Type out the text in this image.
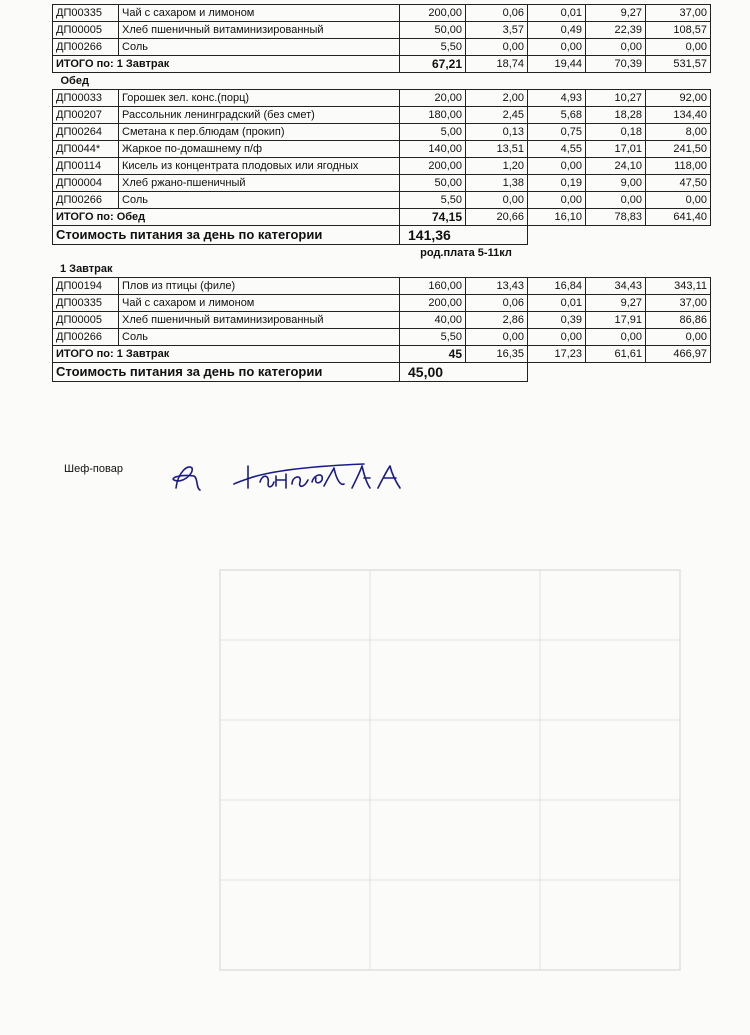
ДП00335	Чай с сахаром и лимоном	200,00	0,06	0,01	9,27	37,00
ДП00005	Хлеб пшеничный витаминизированный	50,00	3,57	0,49	22,39	108,57
ДП00266	Соль	5,50	0,00	0,00	0,00	0,00
ИТОГО по: 1 Завтрак		67,21	18,74	19,44	70,39	531,57
Обед						
ДП00033	Горошек зел. конс.(порц)	20,00	2,00	4,93	10,27	92,00
ДП00207	Рассольник ленинградский (без смет)	180,00	2,45	5,68	18,28	134,40
ДП00264	Сметана к пер.блюдам (прокип)	5,00	0,13	0,75	0,18	8,00
ДП0044*	Жаркое по-домашнему п/ф	140,00	13,51	4,55	17,01	241,50
ДП00114	Кисель из концентрата плодовых или ягодных	200,00	1,20	0,00	24,10	118,00
ДП00004	Хлеб ржано-пшеничный	50,00	1,38	0,19	9,00	47,50
ДП00266	Соль	5,50	0,00	0,00	0,00	0,00
ИТОГО по: Обед		74,15	20,66	16,10	78,83	641,40
Стоимость питания за день по категории		141,36				
род.плата 5-11кл
1 Завтрак
ДП00194	Плов из птицы (филе)	160,00	13,43	16,84	34,43	343,11
ДП00335	Чай с сахаром и лимоном	200,00	0,06	0,01	9,27	37,00
ДП00005	Хлеб пшеничный витаминизированный	40,00	2,86	0,39	17,91	86,86
ДП00266	Соль	5,50	0,00	0,00	0,00	0,00
ИТОГО по: 1 Завтрак		45	16,35	17,23	61,61	466,97
Стоимость питания за день по категории		45,00				
Шеф-повар
